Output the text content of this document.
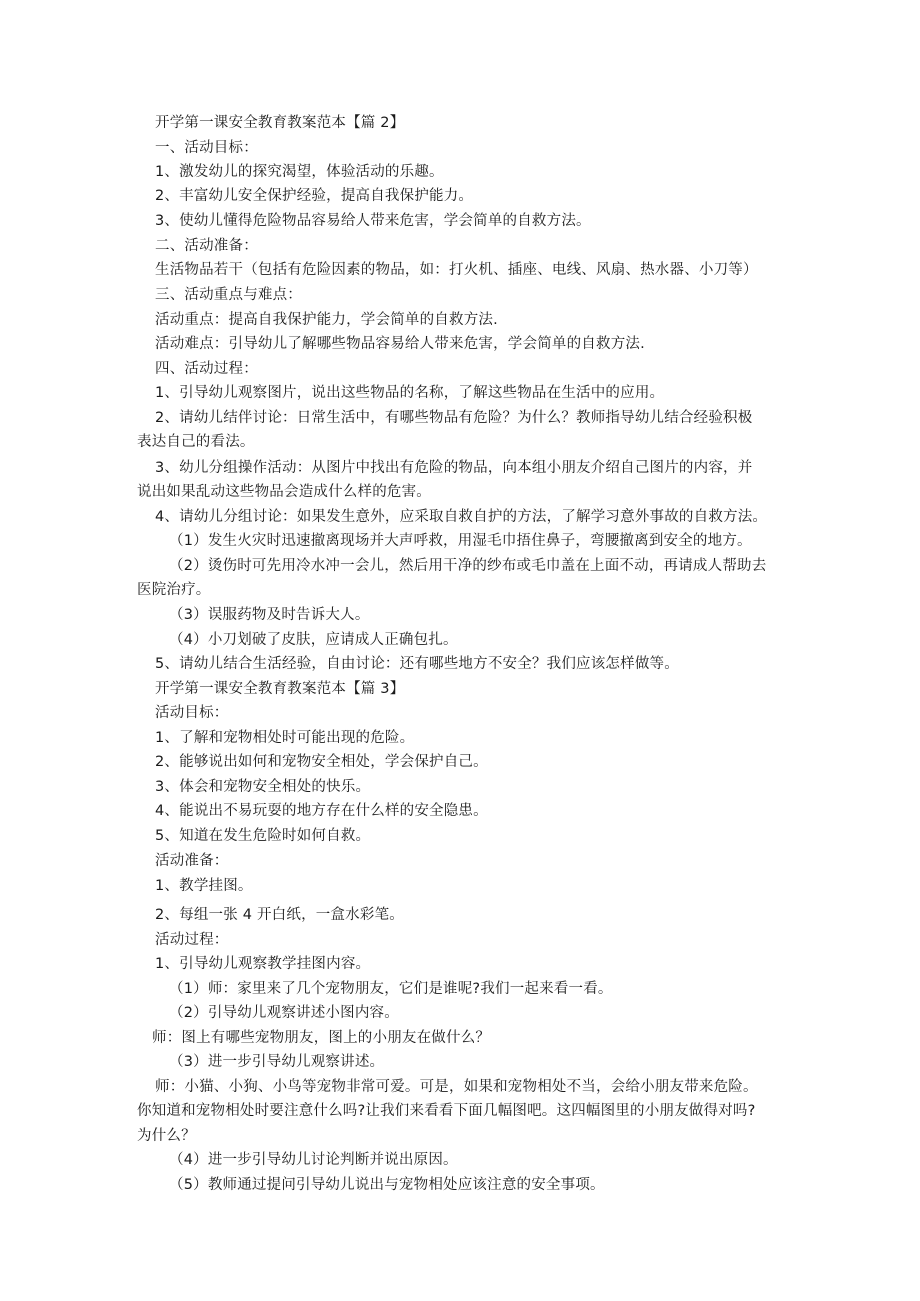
开学第一课安全教育教案范本【篇 2】
一、活动目标：
1、激发幼儿的探究渴望，体验活动的乐趣。
2、丰富幼儿安全保护经验，提高自我保护能力。
3、使幼儿懂得危险物品容易给人带来危害，学会简单的自救方法。
二、活动准备：
生活物品若干（包括有危险因素的物品，如：打火机、插座、电线、风扇、热水器、小刀等）
三、活动重点与难点：
活动重点：提高自我保护能力，学会简单的自救方法.
活动难点：引导幼儿了解哪些物品容易给人带来危害，学会简单的自救方法.
四、活动过程：
1、引导幼儿观察图片，说出这些物品的名称，了解这些物品在生活中的应用。
2、请幼儿结伴讨论：日常生活中，有哪些物品有危险？为什么？教师指导幼儿结合经验积极
表达自己的看法。
3、幼儿分组操作活动：从图片中找出有危险的物品，向本组小朋友介绍自己图片的内容，并
说出如果乱动这些物品会造成什么样的危害。
4、请幼儿分组讨论：如果发生意外，应采取自救自护的方法，了解学习意外事故的自救方法。
（1）发生火灾时迅速撤离现场并大声呼救，用湿毛巾捂住鼻子，弯腰撤离到安全的地方。
（2）烫伤时可先用冷水冲一会儿，然后用干净的纱布或毛巾盖在上面不动，再请成人帮助去
医院治疗。
（3）误服药物及时告诉大人。
（4）小刀划破了皮肤，应请成人正确包扎。
5、请幼儿结合生活经验，自由讨论：还有哪些地方不安全？我们应该怎样做等。
开学第一课安全教育教案范本【篇 3】
活动目标：
1、了解和宠物相处时可能出现的危险。
2、能够说出如何和宠物安全相处，学会保护自己。
3、体会和宠物安全相处的快乐。
4、能说出不易玩耍的地方存在什么样的安全隐患。
5、知道在发生危险时如何自救。
活动准备：
1、教学挂图。
2、每组一张 4 开白纸，一盒水彩笔。
活动过程：
1、引导幼儿观察教学挂图内容。
（1）师：家里来了几个宠物朋友，它们是谁呢?我们一起来看一看。
（2）引导幼儿观察讲述小图内容。
师：图上有哪些宠物朋友，图上的小朋友在做什么？
（3）进一步引导幼儿观察讲述。
师：小猫、小狗、小鸟等宠物非常可爱。可是，如果和宠物相处不当，会给小朋友带来危险。
你知道和宠物相处时要注意什么吗?让我们来看看下面几幅图吧。这四幅图里的小朋友做得对吗?
为什么？
（4）进一步引导幼儿讨论判断并说出原因。
（5）教师通过提问引导幼儿说出与宠物相处应该注意的安全事项。
